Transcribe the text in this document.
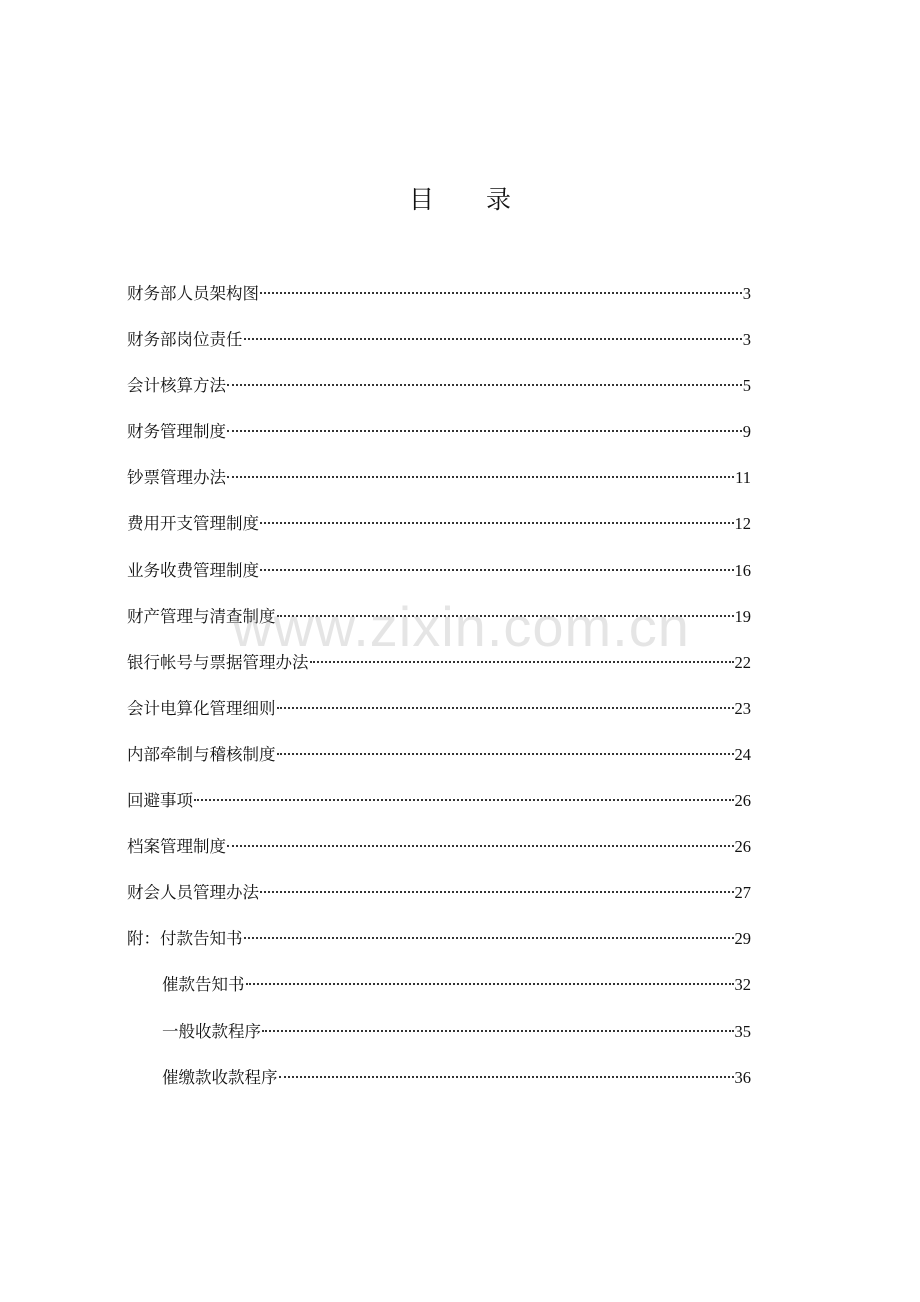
目 录
财务部人员架构图	3
财务部岗位责任	3
会计核算方法	5
财务管理制度	9
钞票管理办法	11
费用开支管理制度	12
业务收费管理制度	16
财产管理与清查制度	19
银行帐号与票据管理办法	22
会计电算化管理细则	23
内部牵制与稽核制度	24
回避事项	26
档案管理制度	26
财会人员管理办法	27
附：付款告知书	29
催款告知书	32
一般收款程序	35
催缴款收款程序	36
www.zixin.com.cn
